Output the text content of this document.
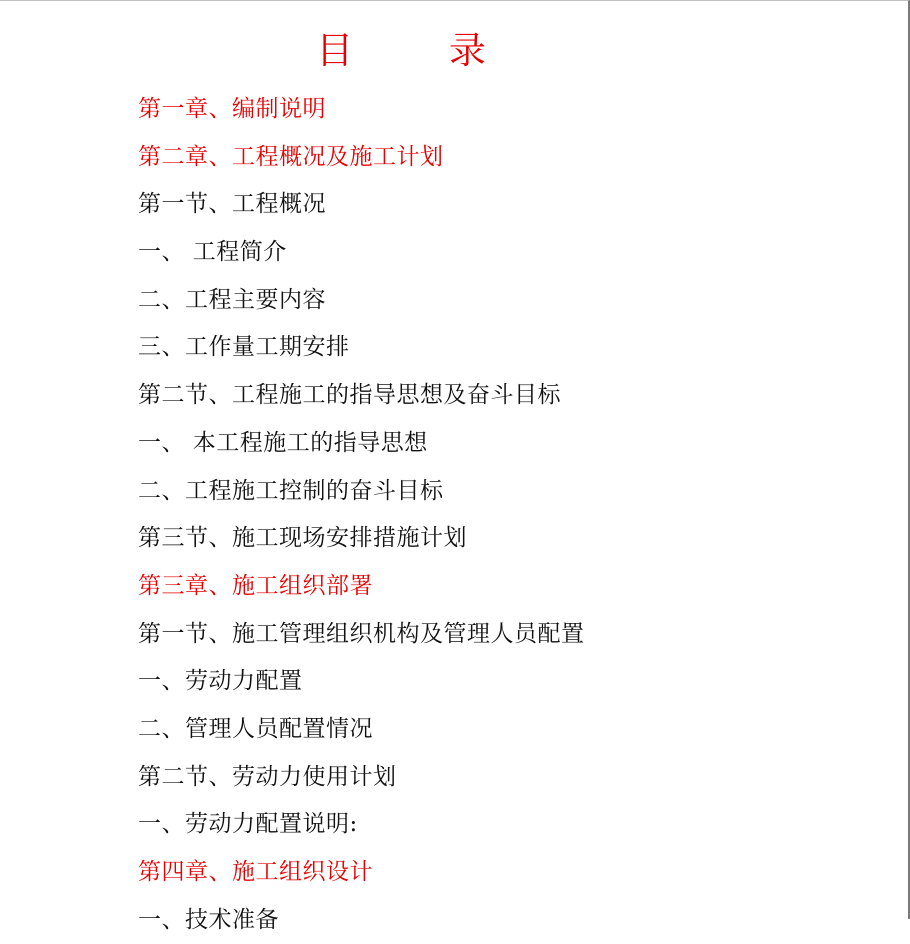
目 录
第一章、编制说明
第二章、工程概况及施工计划
第一节、工程概况
一、 工程简介
二、工程主要内容
三、工作量工期安排
第二节、工程施工的指导思想及奋斗目标
一、 本工程施工的指导思想
二、工程施工控制的奋斗目标
第三节、施工现场安排措施计划
第三章、施工组织部署
第一节、施工管理组织机构及管理人员配置
一、劳动力配置
二、管理人员配置情况
第二节、劳动力使用计划
一、劳动力配置说明:
第四章、施工组织设计
一、技术准备
